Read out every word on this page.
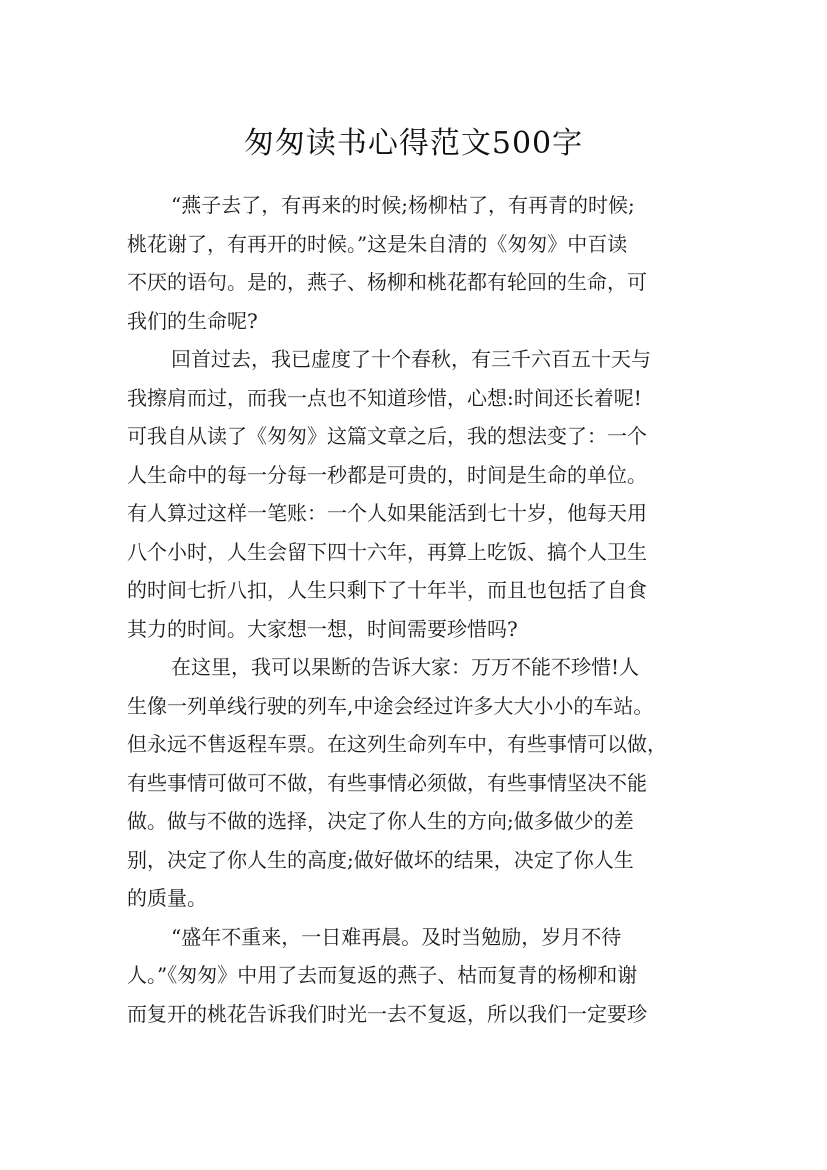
匆匆读书心得范文500字
“燕子去了，有再来的时候;杨柳枯了，有再青的时候;
桃花谢了，有再开的时候。”这是朱自清的《匆匆》中百读
不厌的语句。是的，燕子、杨柳和桃花都有轮回的生命，可
我们的生命呢?
回首过去，我已虚度了十个春秋，有三千六百五十天与
我擦肩而过，而我一点也不知道珍惜，心想:时间还长着呢!
可我自从读了《匆匆》这篇文章之后，我的想法变了：一个
人生命中的每一分每一秒都是可贵的，时间是生命的单位。
有人算过这样一笔账：一个人如果能活到七十岁，他每天用
八个小时，人生会留下四十六年，再算上吃饭、搞个人卫生
的时间七折八扣，人生只剩下了十年半，而且也包括了自食
其力的时间。大家想一想，时间需要珍惜吗?
在这里，我可以果断的告诉大家：万万不能不珍惜!人
生像一列单线行驶的列车,中途会经过许多大大小小的车站。
但永远不售返程车票。在这列生命列车中，有些事情可以做，
有些事情可做可不做，有些事情必须做，有些事情坚决不能
做。做与不做的选择，决定了你人生的方向;做多做少的差
别，决定了你人生的高度;做好做坏的结果，决定了你人生
的质量。
“盛年不重来，一日难再晨。及时当勉励，岁月不待
人。”《匆匆》中用了去而复返的燕子、枯而复青的杨柳和谢
而复开的桃花告诉我们时光一去不复返，所以我们一定要珍
